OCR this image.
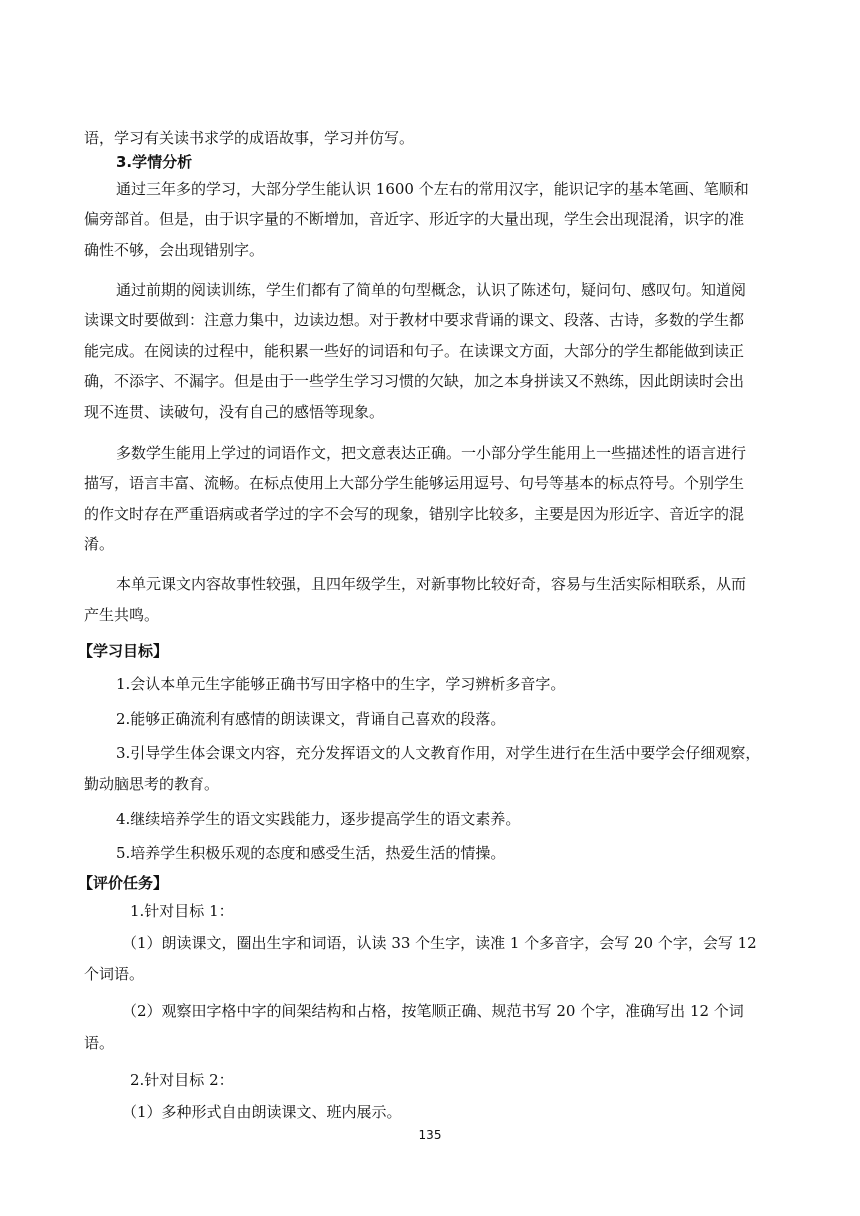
语，学习有关读书求学的成语故事，学习并仿写。
3.学情分析
通过三年多的学习，大部分学生能认识 1600 个左右的常用汉字，能识记字的基本笔画、笔顺和
偏旁部首。但是，由于识字量的不断增加，音近字、形近字的大量出现，学生会出现混淆，识字的准
确性不够，会出现错别字。
通过前期的阅读训练，学生们都有了简单的句型概念，认识了陈述句，疑问句、感叹句。知道阅
读课文时要做到：注意力集中，边读边想。对于教材中要求背诵的课文、段落、古诗，多数的学生都
能完成。在阅读的过程中，能积累一些好的词语和句子。在读课文方面，大部分的学生都能做到读正
确，不添字、不漏字。但是由于一些学生学习习惯的欠缺，加之本身拼读又不熟练，因此朗读时会出
现不连贯、读破句，没有自己的感悟等现象。
多数学生能用上学过的词语作文，把文意表达正确。一小部分学生能用上一些描述性的语言进行
描写，语言丰富、流畅。在标点使用上大部分学生能够运用逗号、句号等基本的标点符号。个别学生
的作文时存在严重语病或者学过的字不会写的现象，错别字比较多，主要是因为形近字、音近字的混
淆。
本单元课文内容故事性较强，且四年级学生，对新事物比较好奇，容易与生活实际相联系，从而
产生共鸣。
【学习目标】
1.会认本单元生字能够正确书写田字格中的生字，学习辨析多音字。
2.能够正确流利有感情的朗读课文，背诵自己喜欢的段落。
3.引导学生体会课文内容，充分发挥语文的人文教育作用，对学生进行在生活中要学会仔细观察，
勤动脑思考的教育。
4.继续培养学生的语文实践能力，逐步提高学生的语文素养。
5.培养学生积极乐观的态度和感受生活，热爱生活的情操。
【评价任务】
1.针对目标 1：
（1）朗读课文，圈出生字和词语，认读 33 个生字，读准 1 个多音字，会写 20 个字，会写 12
个词语。
（2）观察田字格中字的间架结构和占格，按笔顺正确、规范书写 20 个字，准确写出 12 个词
语。
2.针对目标 2：
（1）多种形式自由朗读课文、班内展示。
135
